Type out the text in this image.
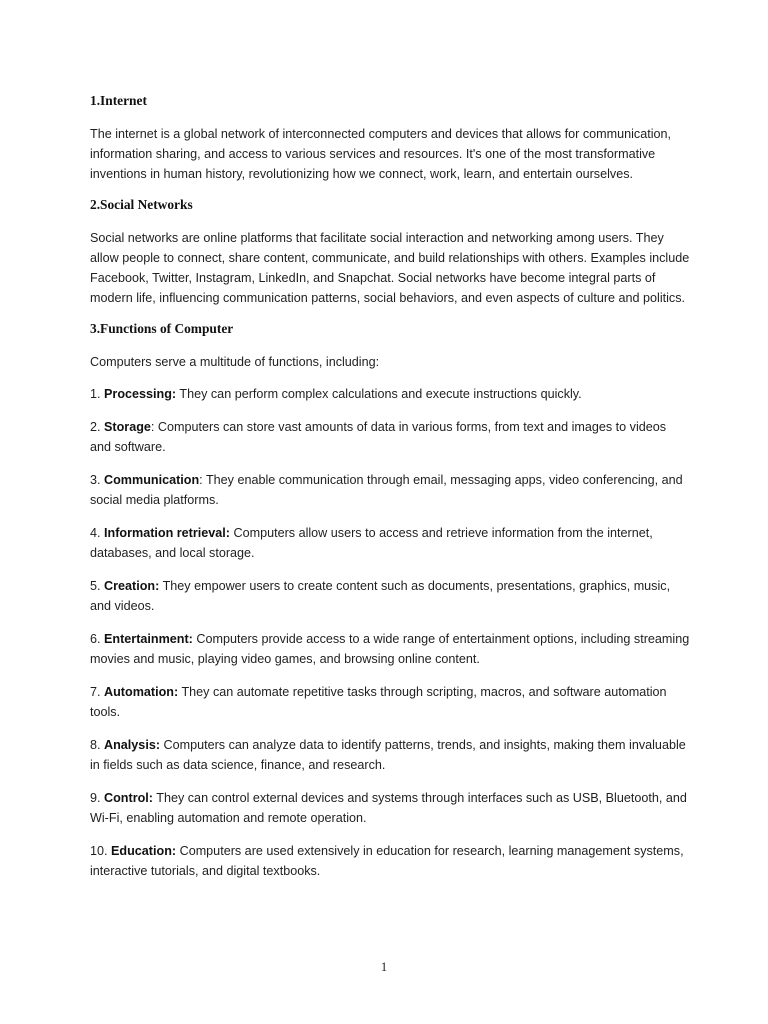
1.Internet

The internet is a global network of interconnected computers and devices that allows for communication, information sharing, and access to various services and resources. It's one of the most transformative inventions in human history, revolutionizing how we connect, work, learn, and entertain ourselves.

2.Social Networks

Social networks are online platforms that facilitate social interaction and networking among users. They allow people to connect, share content, communicate, and build relationships with others. Examples include Facebook, Twitter, Instagram, LinkedIn, and Snapchat. Social networks have become integral parts of modern life, influencing communication patterns, social behaviors, and even aspects of culture and politics.

3.Functions of Computer

Computers serve a multitude of functions, including:

1. Processing: They can perform complex calculations and execute instructions quickly.

2. Storage: Computers can store vast amounts of data in various forms, from text and images to videos and software.

3. Communication: They enable communication through email, messaging apps, video conferencing, and social media platforms.

4. Information retrieval: Computers allow users to access and retrieve information from the internet, databases, and local storage.

5. Creation: They empower users to create content such as documents, presentations, graphics, music, and videos.

6. Entertainment: Computers provide access to a wide range of entertainment options, including streaming movies and music, playing video games, and browsing online content.

7. Automation: They can automate repetitive tasks through scripting, macros, and software automation tools.

8. Analysis: Computers can analyze data to identify patterns, trends, and insights, making them invaluable in fields such as data science, finance, and research.

9. Control: They can control external devices and systems through interfaces such as USB, Bluetooth, and Wi-Fi, enabling automation and remote operation.

10. Education: Computers are used extensively in education for research, learning management systems, interactive tutorials, and digital textbooks.

1
